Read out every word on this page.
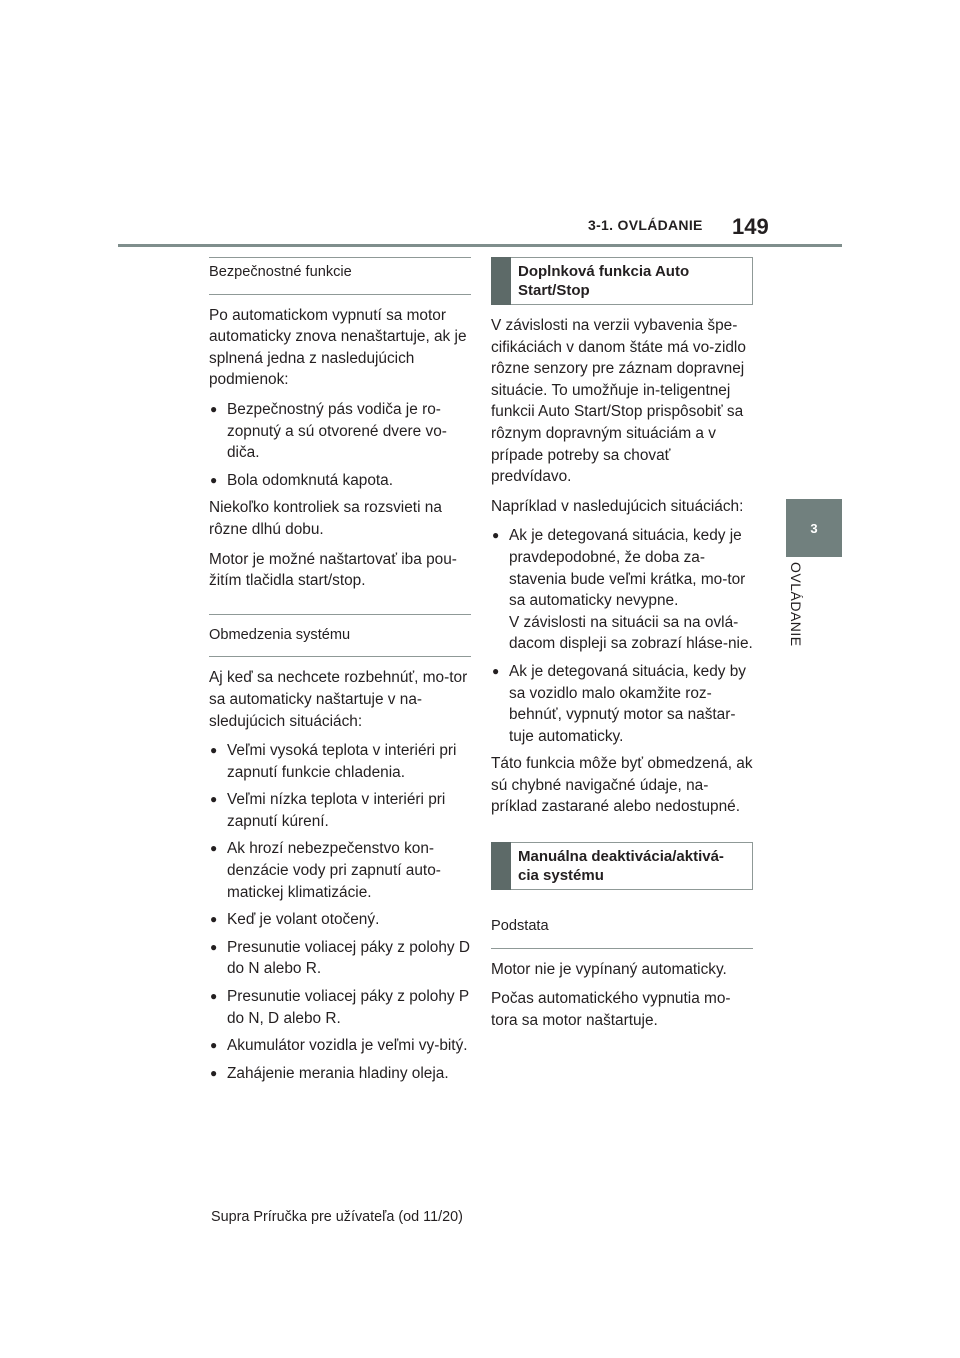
3-1. OVLÁDANIE 149
3
OVLÁDANIE
Bezpečnostné funkcie

Po automatickom vypnutí sa motor automaticky znova nenaštartuje, ak je splnená jedna z nasledujúcich podmienok:

● Bezpečnostný pás vodiča je ro-zopnutý a sú otvorené dvere vo-diča.
● Bola odomknutá kapota.

Niekoľko kontroliek sa rozsvieti na rôzne dlhú dobu.

Motor je možné naštartovať iba pou-žitím tlačidla start/stop.

Obmedzenia systému

Aj keď sa nechcete rozbehnúť, mo-tor sa automaticky naštartuje v na-sledujúcich situáciách:

● Veľmi vysoká teplota v interiéri pri zapnutí funkcie chladenia.
● Veľmi nízka teplota v interiéri pri zapnutí kúrení.
● Ak hrozí nebezpečenstvo kon-denzácie vody pri zapnutí auto-matickej klimatizácie.
● Keď je volant otočený.
● Presunutie voliacej páky z polohy D do N alebo R.
● Presunutie voliacej páky z polohy P do N, D alebo R.
● Akumulátor vozidla je veľmi vy-bitý.
● Zahájenie merania hladiny oleja.
Doplnková funkcia Auto Start/Stop

V závislosti na verzii vybavenia špe-cifikáciách v danom štáte má vo-zidlo rôzne senzory pre záznam dopravnej situácie. To umožňuje in-teligentnej funkcii Auto Start/Stop prispôsobiť sa rôznym dopravným situáciám a v prípade potreby sa chovať predvídavo.

Napríklad v nasledujúcich situáciách:

● Ak je detegovaná situácia, kedy je pravdepodobné, že doba za-stavenia bude veľmi krátka, mo-tor sa automaticky nevypne.
V závislosti na situácii sa na ovlá-dacom displeji sa zobrazí hláse-nie.
● Ak je detegovaná situácia, kedy by sa vozidlo malo okamžite roz-behnúť, vypnutý motor sa naštar-tuje automaticky.

Táto funkcia môže byť obmedzená, ak sú chybné navigačné údaje, na-príklad zastarané alebo nedostupné.

Manuálna deaktivácia/aktivá-cia systému
Podstata

Motor nie je vypínaný automaticky.

Počas automatického vypnutia mo-tora sa motor naštartuje.

Supra Príručka pre užívateľa (od 11/20)
